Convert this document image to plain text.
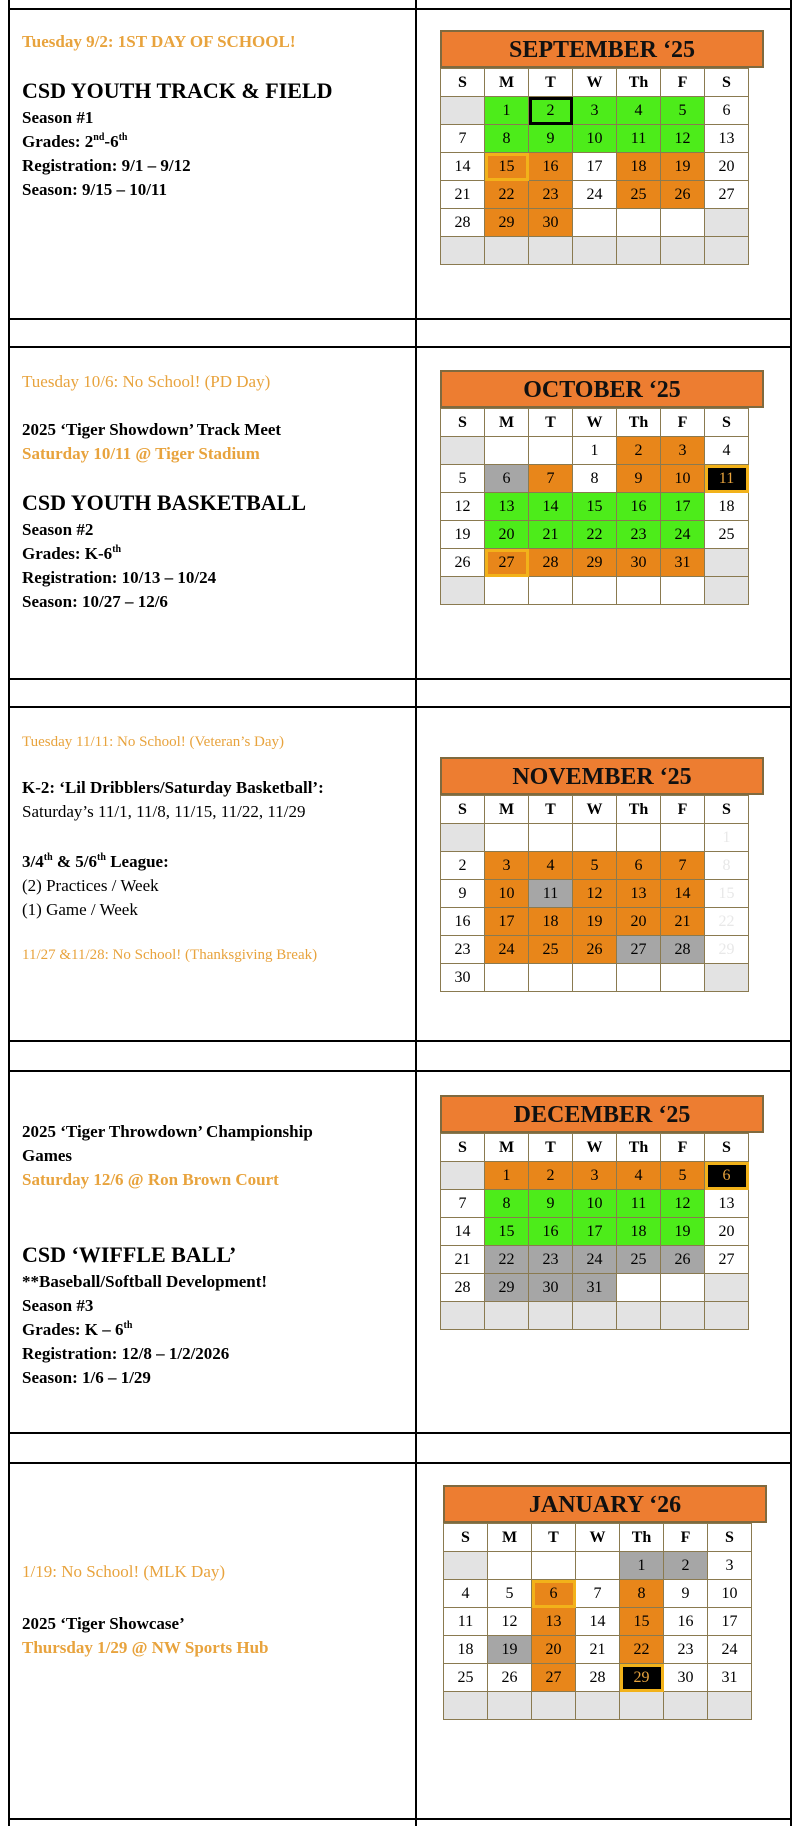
Tuesday 9/2: 1ST DAY OF SCHOOL!
CSD YOUTH TRACK & FIELD
Season #1
Grades: 2nd-6th
Registration: 9/1 – 9/12
Season: 9/15 – 10/11
SEPTEMBER ‘25
S	M	T	W	Th	F	S
	1	2	3	4	5	6
7	8	9	10	11	12	13
14	15	16	17	18	19	20
21	22	23	24	25	26	27
28	29	30				

Tuesday 10/6: No School! (PD Day)
2025 ‘Tiger Showdown’ Track Meet
Saturday 10/11 @ Tiger Stadium
CSD YOUTH BASKETBALL
Season #2
Grades: K-6th
Registration: 10/13 – 10/24
Season: 10/27 – 12/6
OCTOBER ‘25
S	M	T	W	Th	F	S
			1	2	3	4
5	6	7	8	9	10	11
12	13	14	15	16	17	18
19	20	21	22	23	24	25
26	27	28	29	30	31	

Tuesday 11/11: No School! (Veteran’s Day)
K-2: ‘Lil Dribblers/Saturday Basketball’:
Saturday’s 11/1, 11/8, 11/15, 11/22, 11/29
3/4th & 5/6th League:
(2) Practices / Week
(1) Game / Week
11/27 &11/28: No School! (Thanksgiving Break)
NOVEMBER ‘25
S	M	T	W	Th	F	S
						1
2	3	4	5	6	7	8
9	10	11	12	13	14	15
16	17	18	19	20	21	22
23	24	25	26	27	28	29
30						
2025 ‘Tiger Throwdown’ Championship
Games
Saturday 12/6 @ Ron Brown Court
CSD ‘WIFFLE BALL’
**Baseball/Softball Development!
Season #3
Grades: K – 6th
Registration: 12/8 – 1/2/2026
Season: 1/6 – 1/29
DECEMBER ‘25
S	M	T	W	Th	F	S
	1	2	3	4	5	6
7	8	9	10	11	12	13
14	15	16	17	18	19	20
21	22	23	24	25	26	27
28	29	30	31			

1/19: No School! (MLK Day)
2025 ‘Tiger Showcase’
Thursday 1/29 @ NW Sports Hub
JANUARY ‘26
S	M	T	W	Th	F	S
				1	2	3
4	5	6	7	8	9	10
11	12	13	14	15	16	17
18	19	20	21	22	23	24
25	26	27	28	29	30	31
